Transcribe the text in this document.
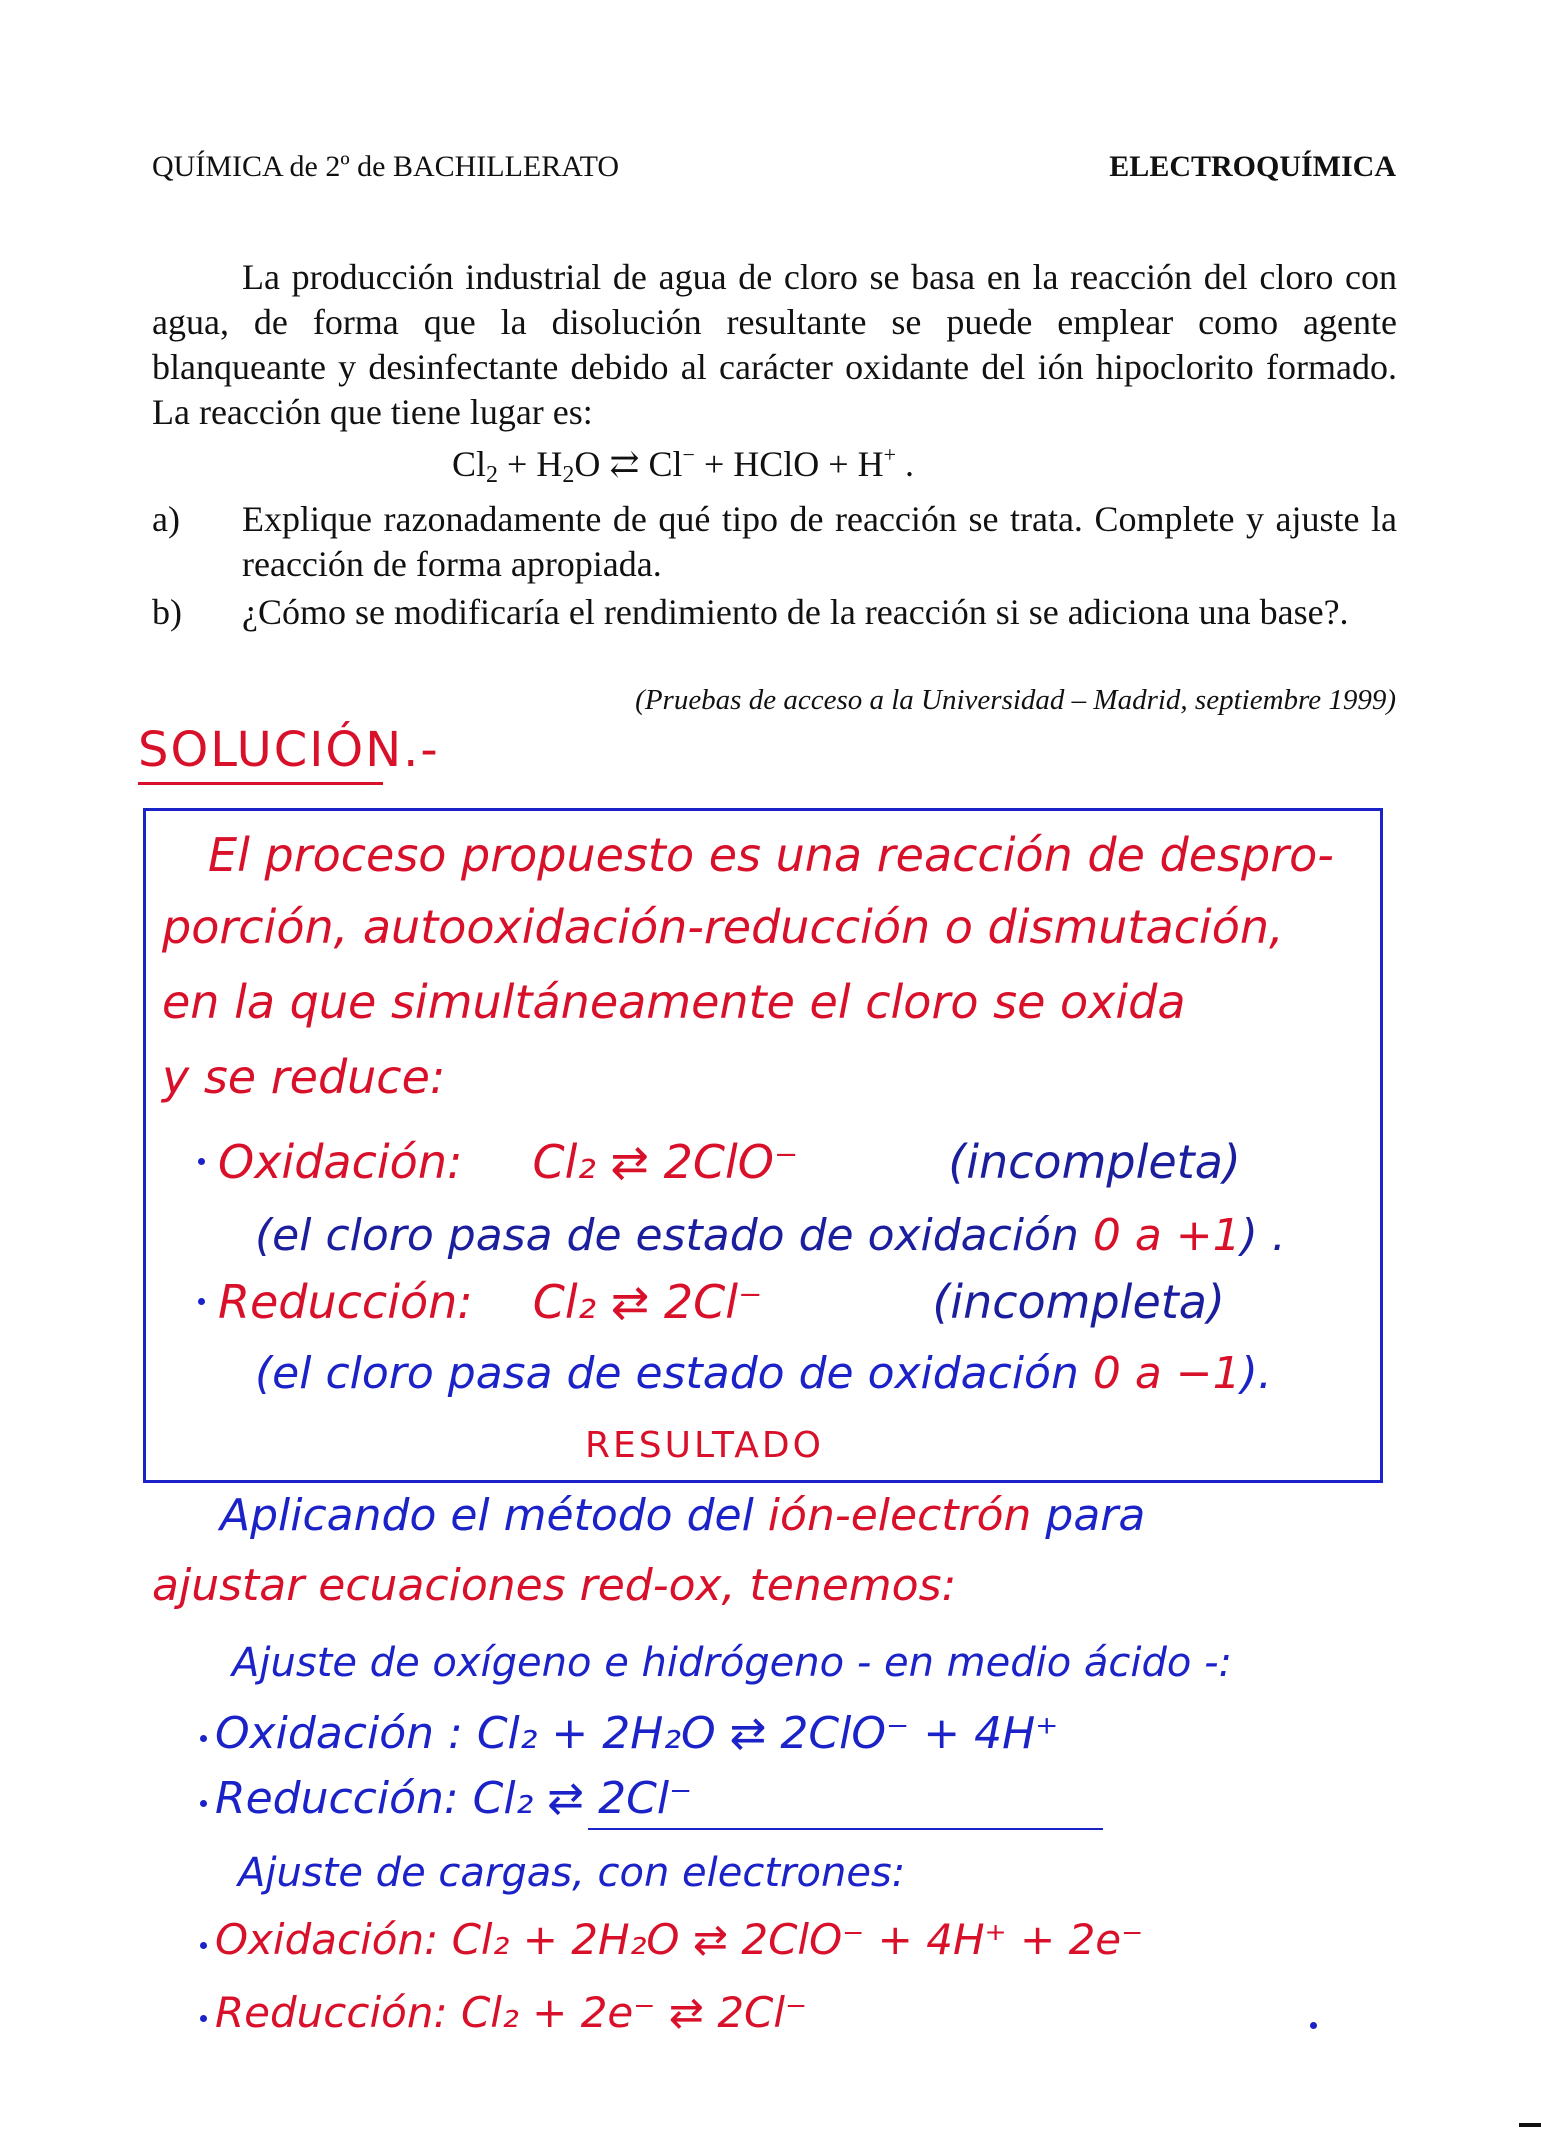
QUÍMICA de 2º de BACHILLERATO	ELECTROQUÍMICA
La producción industrial de agua de cloro se basa en la reacción del cloro con agua, de forma que la disolución resultante se puede emplear como agente blanqueante y desinfectante debido al carácter oxidante del ión hipoclorito formado. La reacción que tiene lugar es:
$Cl_2 + H_2O$ ⇄ Cl− + HClO + H+ .
a) Explique razonadamente de qué tipo de reacción se trata. Complete y ajuste la reacción de forma apropiada.
b) ¿Cómo se modificaría el rendimiento de la reacción si se adiciona una base?.
(Pruebas de acceso a la Universidad – Madrid, septiembre 1999)
SOLUCIÓN.-
El proceso propuesto es una reacción de despro-
porción, autooxidación-reducción o dismutación,
en la que simultáneamente el cloro se oxida
y se reduce:
Oxidación: Cl₂ ⇄ 2ClO⁻	(incompleta)
(el cloro pasa de estado de oxidación 0 a +1) .
Reducción: Cl₂ ⇄ 2Cl⁻	(incompleta)
(el cloro pasa de estado de oxidación 0 a −1).
RESULTADO
Aplicando el método del ión-electrón para
ajustar ecuaciones red-ox, tenemos:
Ajuste de oxígeno e hidrógeno - en medio ácido -:
Oxidación : Cl₂ + 2H₂O ⇄ 2ClO⁻ + 4H⁺
Reducción: Cl₂ ⇄ 2Cl⁻
Ajuste de cargas, con electrones:
Oxidación: Cl₂ + 2H₂O ⇄ 2ClO⁻ + 4H⁺ + 2e⁻
Reducción: Cl₂ + 2e⁻ ⇄ 2Cl⁻
